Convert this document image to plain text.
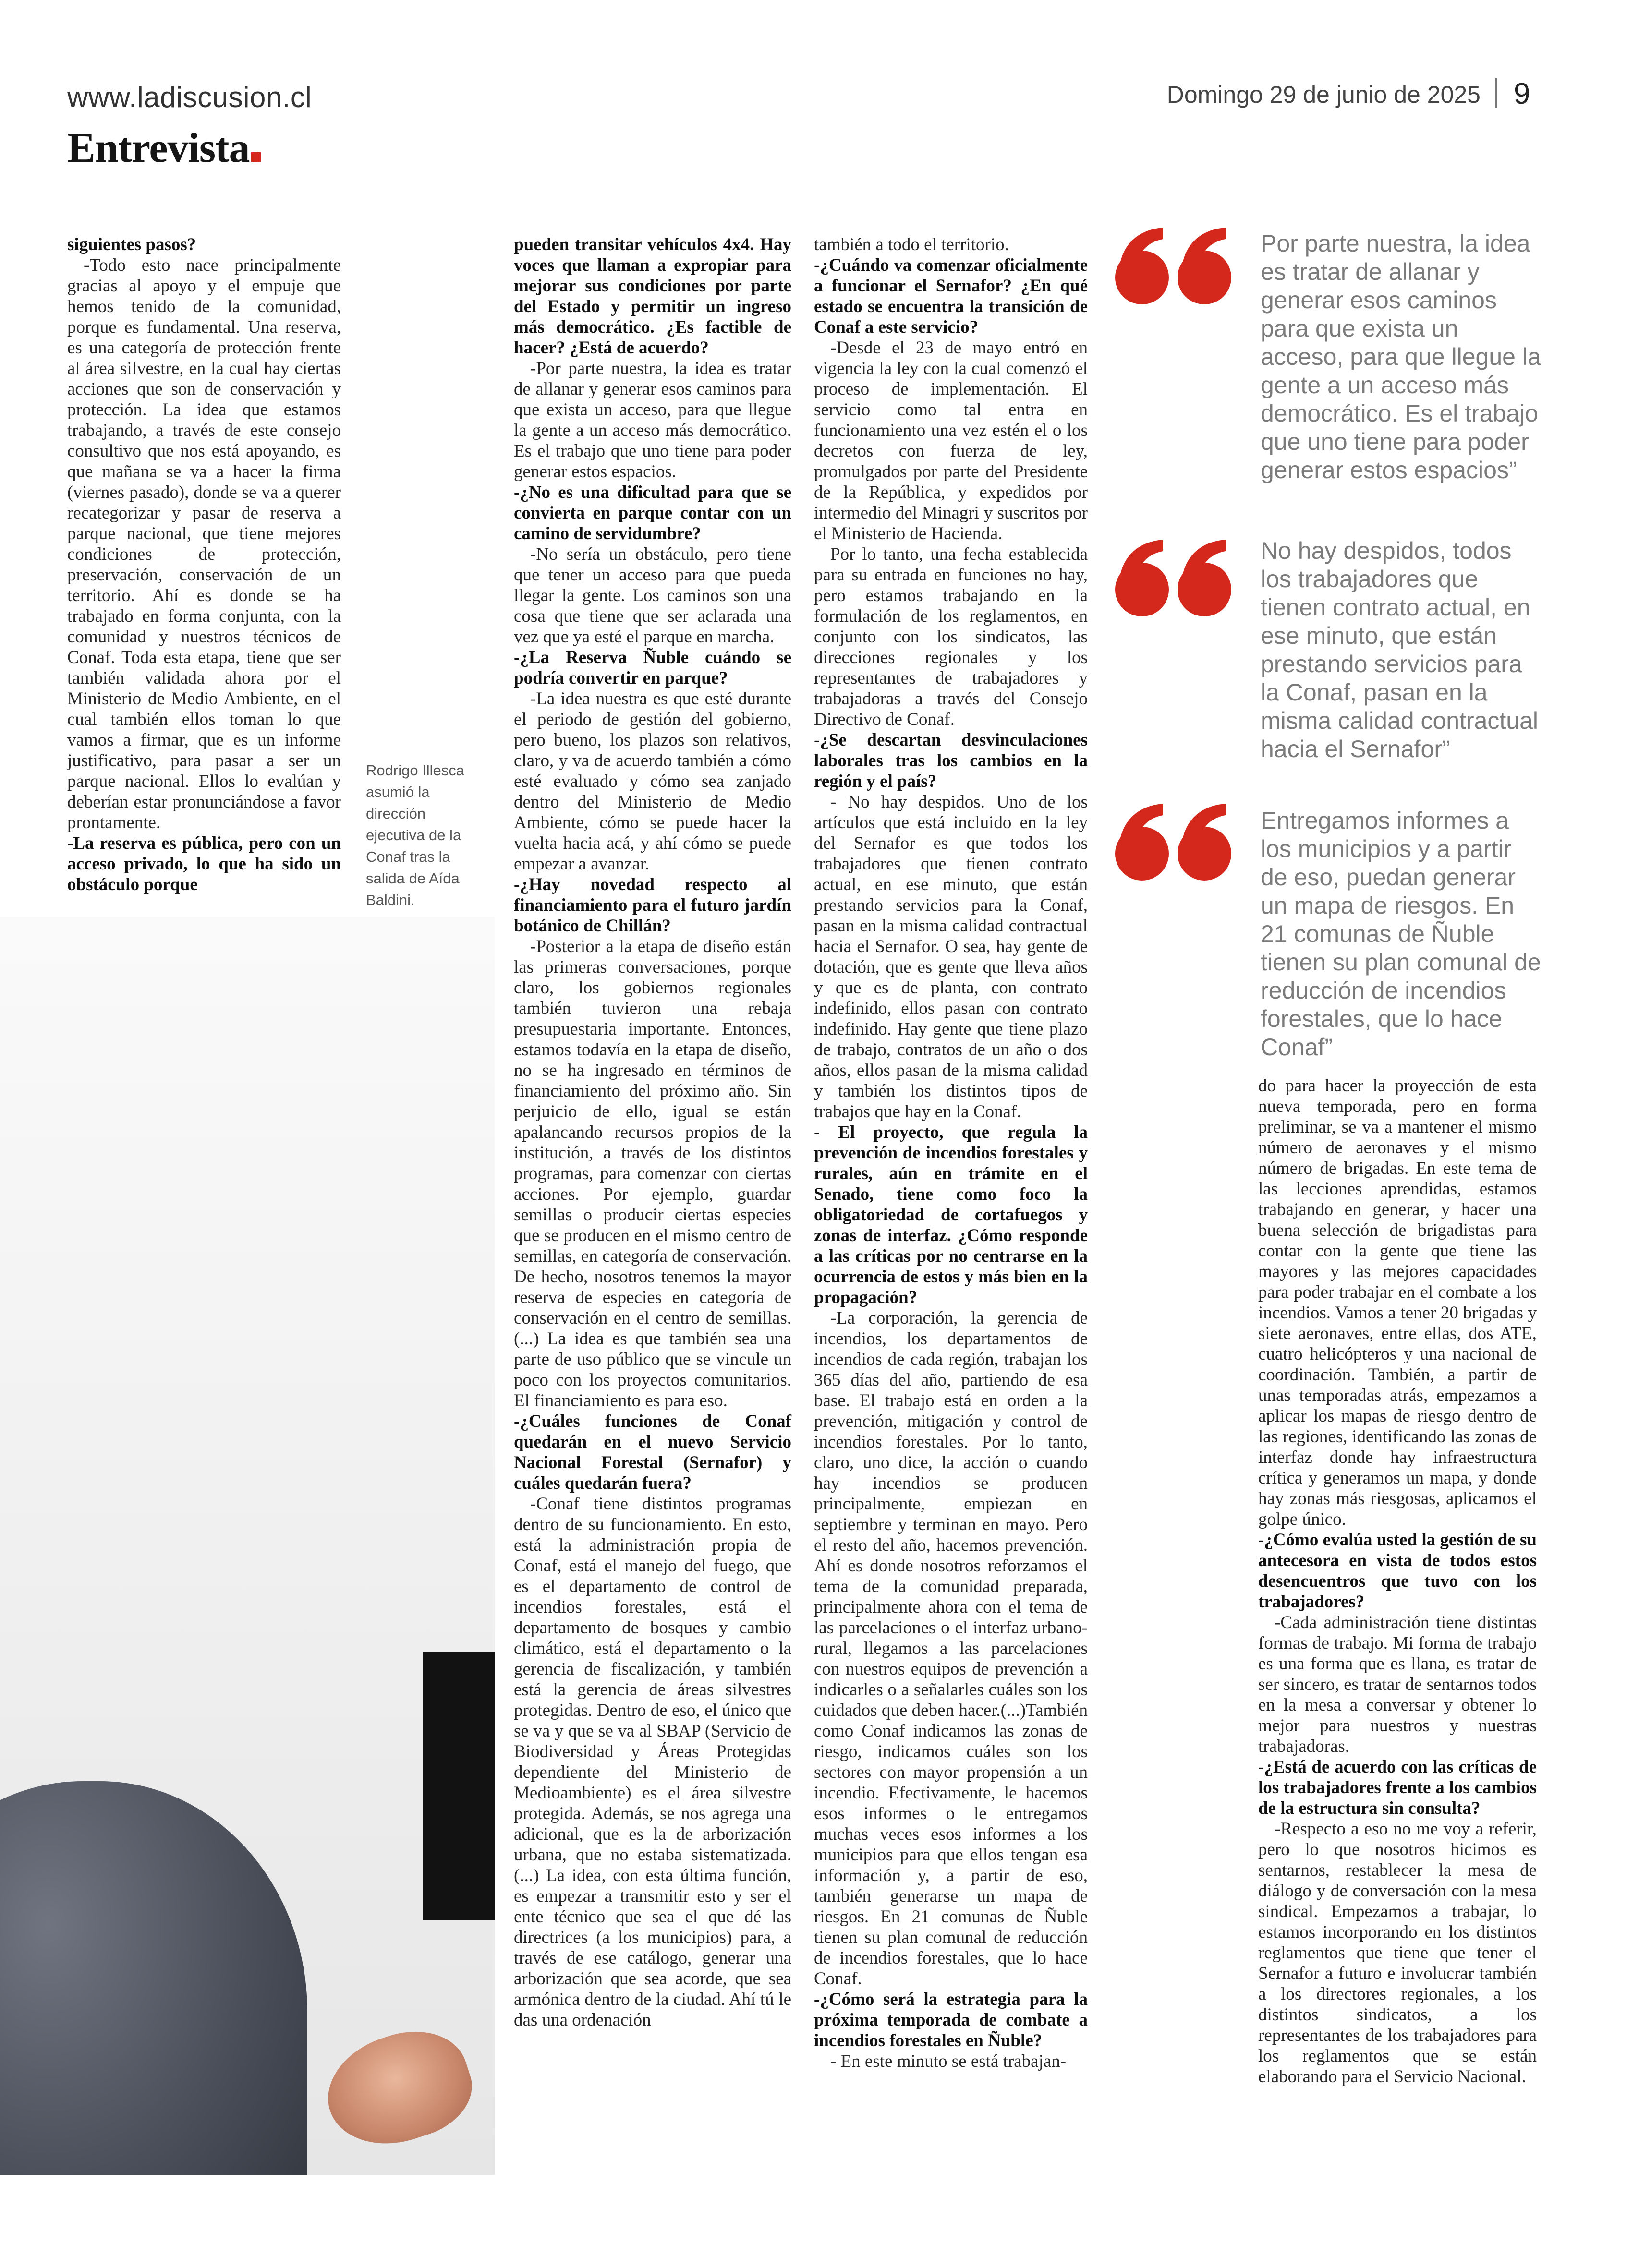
www.ladiscusion.cl	Domingo 29 de junio de 2025 9
Entrevista
Rodrigo Illesca asumió la dirección ejecutiva de la Conaf tras la salida de Aída Baldini.

siguientes pasos?

-Todo esto nace principalmente gracias al apoyo y el empuje que hemos tenido de la comunidad, porque es fundamental. Una reserva, es una categoría de protección frente al área silvestre, en la cual hay ciertas acciones que son de conservación y protección. La idea que estamos trabajando, a través de este consejo consultivo que nos está apoyando, es que mañana se va a hacer la firma (viernes pasado), donde se va a querer recategorizar y pasar de reserva a parque nacional, que tiene mejores condiciones de protección, preservación, conservación de un territorio. Ahí es donde se ha trabajado en forma conjunta, con la comunidad y nuestros técnicos de Conaf. Toda esta etapa, tiene que ser también validada ahora por el Ministerio de Medio Ambiente, en el cual también ellos toman lo que vamos a firmar, que es un informe justificativo, para pasar a ser un parque nacional. Ellos lo evalúan y deberían estar pronunciándose a favor prontamente.

-La reserva es pública, pero con un acceso privado, lo que ha sido un obstáculo porque

pueden transitar vehículos 4x4. Hay voces que llaman a expropiar para mejorar sus condiciones por parte del Estado y permitir un ingreso más democrático. ¿Es factible de hacer? ¿Está de acuerdo?

-Por parte nuestra, la idea es tratar de allanar y generar esos caminos para que exista un acceso, para que llegue la gente a un acceso más democrático. Es el trabajo que uno tiene para poder generar estos espacios.

-¿No es una dificultad para que se convierta en parque contar con un camino de servidumbre?

-No sería un obstáculo, pero tiene que tener un acceso para que pueda llegar la gente. Los caminos son una cosa que tiene que ser aclarada una vez que ya esté el parque en marcha.

-¿La Reserva Ñuble cuándo se podría convertir en parque?

-La idea nuestra es que esté durante el periodo de gestión del gobierno, pero bueno, los plazos son relativos, claro, y va de acuerdo también a cómo esté evaluado y cómo sea zanjado dentro del Ministerio de Medio Ambiente, cómo se puede hacer la vuelta hacia acá, y ahí cómo se puede empezar a avanzar.

-¿Hay novedad respecto al financiamiento para el futuro jardín botánico de Chillán?

-Posterior a la etapa de diseño están las primeras conversaciones, porque claro, los gobiernos regionales también tuvieron una rebaja presupuestaria importante. Entonces, estamos todavía en la etapa de diseño, no se ha ingresado en términos de financiamiento del próximo año. Sin perjuicio de ello, igual se están apalancando recursos propios de la institución, a través de los distintos programas, para comenzar con ciertas acciones. Por ejemplo, guardar semillas o producir ciertas especies que se producen en el mismo centro de semillas, en categoría de conservación. De hecho, nosotros tenemos la mayor reserva de especies en categoría de conservación en el centro de semillas. (...) La idea es que también sea una parte de uso público que se vincule un poco con los proyectos comunitarios. El financiamiento es para eso.

-¿Cuáles funciones de Conaf quedarán en el nuevo Servicio Nacional Forestal (Sernafor) y cuáles quedarán fuera?

-Conaf tiene distintos programas dentro de su funcionamiento. En esto, está la administración propia de Conaf, está el manejo del fuego, que es el departamento de control de incendios forestales, está el departamento de bosques y cambio climático, está el departamento o la gerencia de fiscalización, y también está la gerencia de áreas silvestres protegidas. Dentro de eso, el único que se va y que se va al SBAP (Servicio de Biodiversidad y Áreas Protegidas dependiente del Ministerio de Medioambiente) es el área silvestre protegida. Además, se nos agrega una adicional, que es la de arborización urbana, que no estaba sistematizada. (...) La idea, con esta última función, es empezar a transmitir esto y ser el ente técnico que sea el que dé las directrices (a los municipios) para, a través de ese catálogo, generar una arborización que sea acorde, que sea armónica dentro de la ciudad. Ahí tú le das una ordenación

también a todo el territorio.

-¿Cuándo va comenzar oficialmente a funcionar el Sernafor? ¿En qué estado se encuentra la transición de Conaf a este servicio?

-Desde el 23 de mayo entró en vigencia la ley con la cual comenzó el proceso de implementación. El servicio como tal entra en funcionamiento una vez estén el o los decretos con fuerza de ley, promulgados por parte del Presidente de la República, y expedidos por intermedio del Minagri y suscritos por el Ministerio de Hacienda.

Por lo tanto, una fecha establecida para su entrada en funciones no hay, pero estamos trabajando en la formulación de los reglamentos, en conjunto con los sindicatos, las direcciones regionales y los representantes de trabajadores y trabajadoras a través del Consejo Directivo de Conaf.

-¿Se descartan desvinculaciones laborales tras los cambios en la región y el país?

- No hay despidos. Uno de los artículos que está incluido en la ley del Sernafor es que todos los trabajadores que tienen contrato actual, en ese minuto, que están prestando servicios para la Conaf, pasan en la misma calidad contractual hacia el Sernafor. O sea, hay gente de dotación, que es gente que lleva años y que es de planta, con contrato indefinido, ellos pasan con contrato indefinido. Hay gente que tiene plazo de trabajo, contratos de un año o dos años, ellos pasan de la misma calidad y también los distintos tipos de trabajos que hay en la Conaf.

- El proyecto, que regula la prevención de incendios forestales y rurales, aún en trámite en el Senado, tiene como foco la obligatoriedad de cortafuegos y zonas de interfaz. ¿Cómo responde a las críticas por no centrarse en la ocurrencia de estos y más bien en la propagación?

-La corporación, la gerencia de incendios, los departamentos de incendios de cada región, trabajan los 365 días del año, partiendo de esa base. El trabajo está en orden a la prevención, mitigación y control de incendios forestales. Por lo tanto, claro, uno dice, la acción o cuando hay incendios se producen principalmente, empiezan en septiembre y terminan en mayo. Pero el resto del año, hacemos prevención. Ahí es donde nosotros reforzamos el tema de la comunidad preparada, principalmente ahora con el tema de las parcelaciones o el interfaz urbano-rural, llegamos a las parcelaciones con nuestros equipos de prevención a indicarles o a señalarles cuáles son los cuidados que deben hacer.(...)También como Conaf indicamos las zonas de riesgo, indicamos cuáles son los sectores con mayor propensión a un incendio. Efectivamente, le hacemos esos informes o le entregamos muchas veces esos informes a los municipios para que ellos tengan esa información y, a partir de eso, también generarse un mapa de riesgos. En 21 comunas de Ñuble tienen su plan comunal de reducción de incendios forestales, que lo hace Conaf.

-¿Cómo será la estrategia para la próxima temporada de combate a incendios forestales en Ñuble?

- En este minuto se está trabajan-

do para hacer la proyección de esta nueva temporada, pero en forma preliminar, se va a mantener el mismo número de aeronaves y el mismo número de brigadas. En este tema de las lecciones aprendidas, estamos trabajando en generar, y hacer una buena selección de brigadistas para contar con la gente que tiene las mayores y las mejores capacidades para poder trabajar en el combate a los incendios. Vamos a tener 20 brigadas y siete aeronaves, entre ellas, dos ATE, cuatro helicópteros y una nacional de coordinación. También, a partir de unas temporadas atrás, empezamos a aplicar los mapas de riesgo dentro de las regiones, identificando las zonas de interfaz donde hay infraestructura crítica y generamos un mapa, y donde hay zonas más riesgosas, aplicamos el golpe único.

-¿Cómo evalúa usted la gestión de su antecesora en vista de todos estos desencuentros que tuvo con los trabajadores?

-Cada administración tiene distintas formas de trabajo. Mi forma de trabajo es una forma que es llana, es tratar de ser sincero, es tratar de sentarnos todos en la mesa a conversar y obtener lo mejor para nuestros y nuestras trabajadoras.

-¿Está de acuerdo con las críticas de los trabajadores frente a los cambios de la estructura sin consulta?

-Respecto a eso no me voy a referir, pero lo que nosotros hicimos es sentarnos, restablecer la mesa de diálogo y de conversación con la mesa sindical. Empezamos a trabajar, lo estamos incorporando en los distintos reglamentos que tiene que tener el Sernafor a futuro e involucrar también a los directores regionales, a los distintos sindicatos, a los representantes de los trabajadores para los reglamentos que se están elaborando para el Servicio Nacional.

Por parte nuestra, la idea es tratar de allanar y generar esos caminos para que exista un acceso, para que llegue la gente a un acceso más democrático. Es el trabajo que uno tiene para poder generar estos espacios”
No hay despidos, todos los trabajadores que tienen contrato actual, en ese minuto, que están prestando servicios para la Conaf, pasan en la misma calidad contractual hacia el Sernafor”
Entregamos informes a los municipios y a partir de eso, puedan generar un mapa de riesgos. En 21 comunas de Ñuble tienen su plan comunal de reducción de incendios forestales, que lo hace Conaf”
